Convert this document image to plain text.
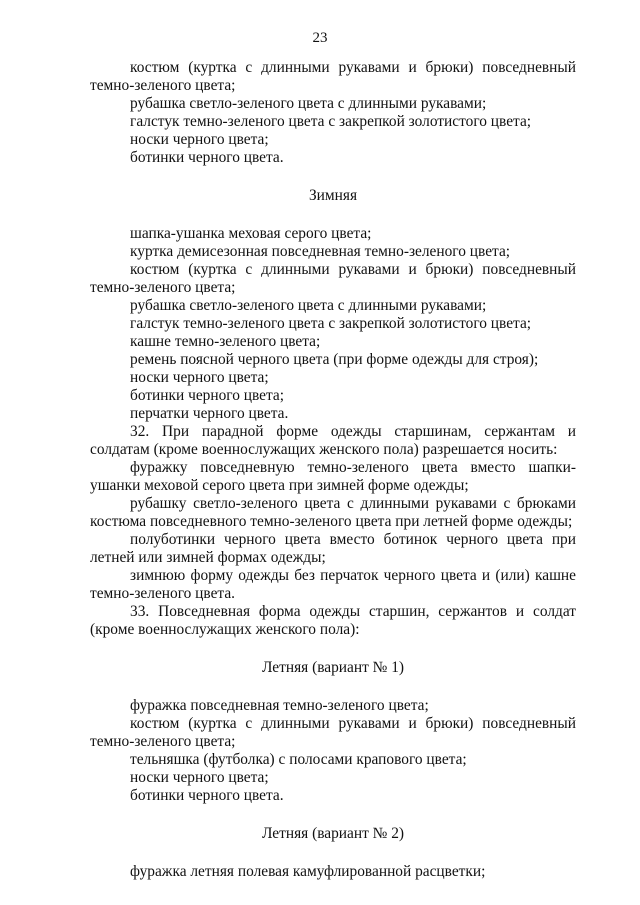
23

костюм (куртка с длинными рукавами и брюки) повседневный темно-зеленого цвета;

рубашка светло-зеленого цвета с длинными рукавами;

галстук темно-зеленого цвета с закрепкой золотистого цвета;

носки черного цвета;

ботинки черного цвета.

Зимняя

шапка-ушанка меховая серого цвета;

куртка демисезонная повседневная темно-зеленого цвета;

костюм (куртка с длинными рукавами и брюки) повседневный темно-зеленого цвета;

рубашка светло-зеленого цвета с длинными рукавами;

галстук темно-зеленого цвета с закрепкой золотистого цвета;

кашне темно-зеленого цвета;

ремень поясной черного цвета (при форме одежды для строя);

носки черного цвета;

ботинки черного цвета;

перчатки черного цвета.

32. При парадной форме одежды старшинам, сержантам и солдатам (кроме военнослужащих женского пола) разрешается носить:

фуражку повседневную темно-зеленого цвета вместо шапки-ушанки меховой серого цвета при зимней форме одежды;

рубашку светло-зеленого цвета с длинными рукавами с брюками костюма повседневного темно-зеленого цвета при летней форме одежды;

полуботинки черного цвета вместо ботинок черного цвета при летней или зимней формах одежды;

зимнюю форму одежды без перчаток черного цвета и (или) кашне темно-зеленого цвета.

33. Повседневная форма одежды старшин, сержантов и солдат (кроме военнослужащих женского пола):

Летняя (вариант № 1)

фуражка повседневная темно-зеленого цвета;

костюм (куртка с длинными рукавами и брюки) повседневный темно-зеленого цвета;

тельняшка (футболка) с полосами крапового цвета;

носки черного цвета;

ботинки черного цвета.

Летняя (вариант № 2)

фуражка летняя полевая камуфлированной расцветки;
